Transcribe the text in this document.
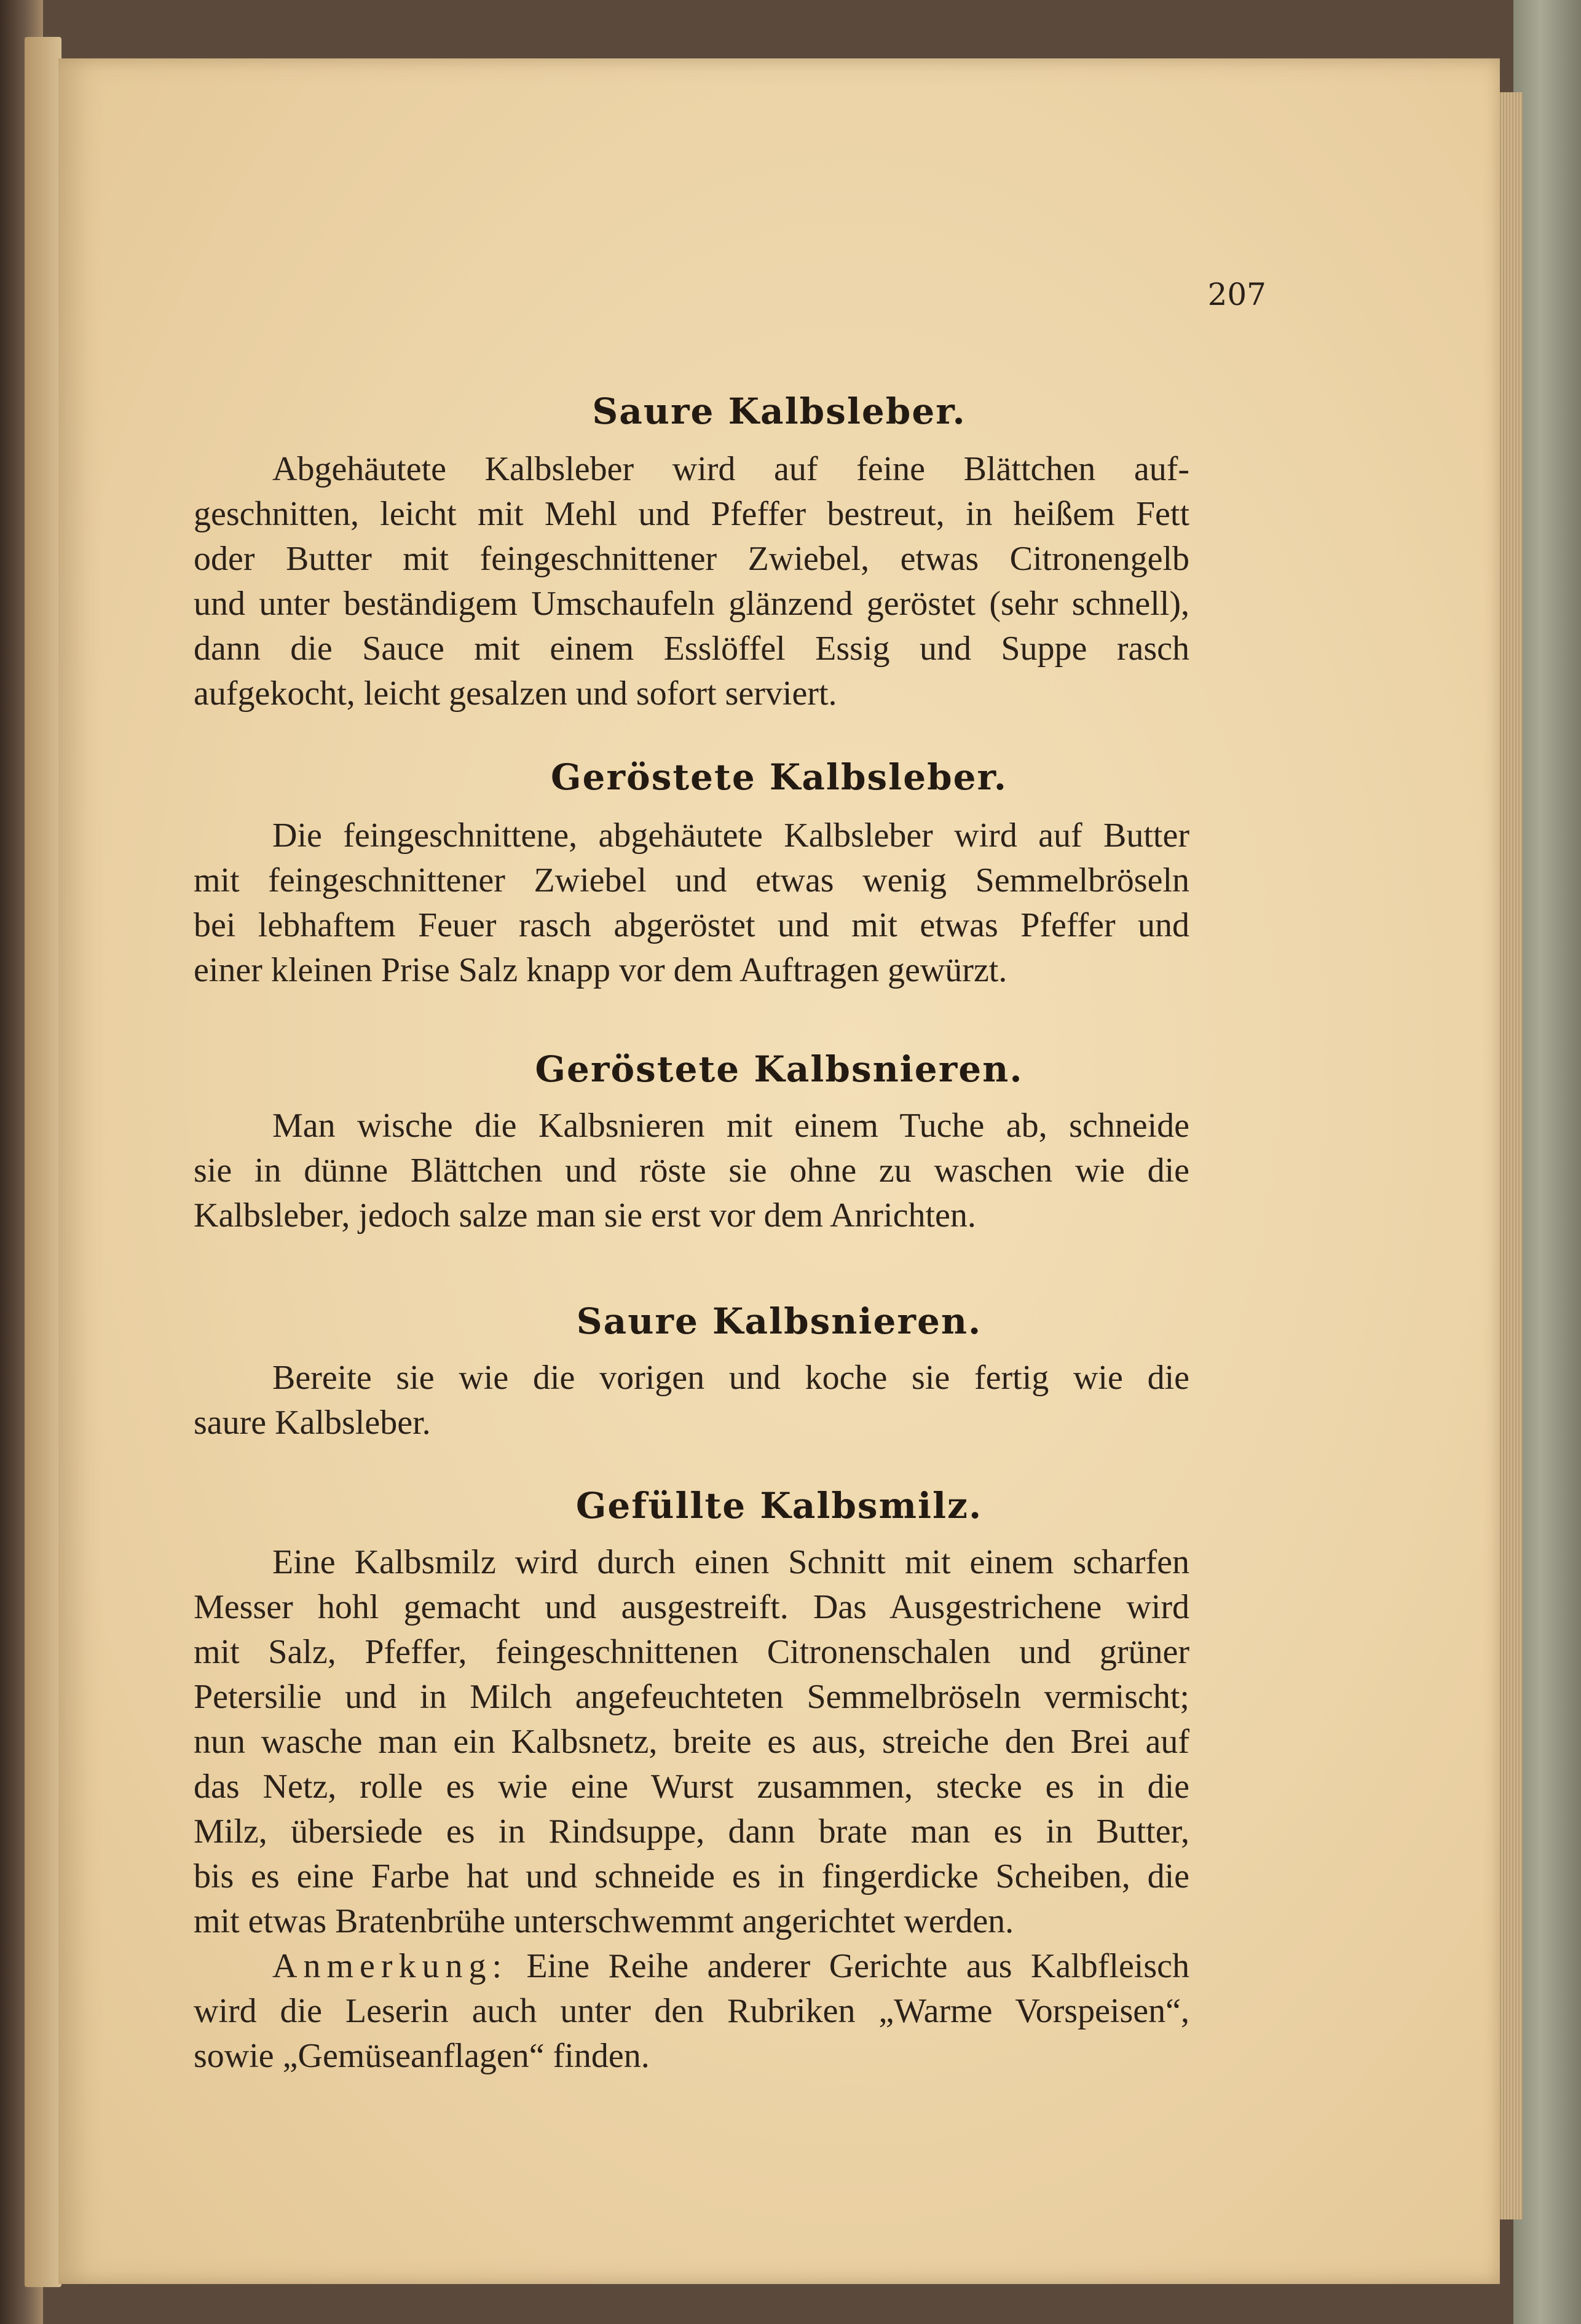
207
Saure Kalbsleber.
Abgehäutete Kalbsleber wird auf feine Blättchen auf-
geschnitten, leicht mit Mehl und Pfeffer bestreut, in heißem Fett
oder Butter mit feingeschnittener Zwiebel, etwas Citronengelb
und unter beständigem Umschaufeln glänzend geröstet (sehr schnell),
dann die Sauce mit einem Esslöffel Essig und Suppe rasch
aufgekocht, leicht gesalzen und sofort serviert.
Geröstete Kalbsleber.
Die feingeschnittene, abgehäutete Kalbsleber wird auf Butter
mit feingeschnittener Zwiebel und etwas wenig Semmelbröseln
bei lebhaftem Feuer rasch abgeröstet und mit etwas Pfeffer und
einer kleinen Prise Salz knapp vor dem Auftragen gewürzt.
Geröstete Kalbsnieren.
Man wische die Kalbsnieren mit einem Tuche ab, schneide
sie in dünne Blättchen und röste sie ohne zu waschen wie die
Kalbsleber, jedoch salze man sie erst vor dem Anrichten.
Saure Kalbsnieren.
Bereite sie wie die vorigen und koche sie fertig wie die
saure Kalbsleber.
Gefüllte Kalbsmilz.
Eine Kalbsmilz wird durch einen Schnitt mit einem scharfen
Messer hohl gemacht und ausgestreift. Das Ausgestrichene wird
mit Salz, Pfeffer, feingeschnittenen Citronenschalen und grüner
Petersilie und in Milch angefeuchteten Semmelbröseln vermischt;
nun wasche man ein Kalbsnetz, breite es aus, streiche den Brei auf
das Netz, rolle es wie eine Wurst zusammen, stecke es in die
Milz, übersiede es in Rindsuppe, dann brate man es in Butter,
bis es eine Farbe hat und schneide es in fingerdicke Scheiben, die
mit etwas Bratenbrühe unterschwemmt angerichtet werden.
Anmerkung: Eine Reihe anderer Gerichte aus Kalbfleisch
wird die Leserin auch unter den Rubriken „Warme Vorspeisen“,
sowie „Gemüseanflagen“ finden.
